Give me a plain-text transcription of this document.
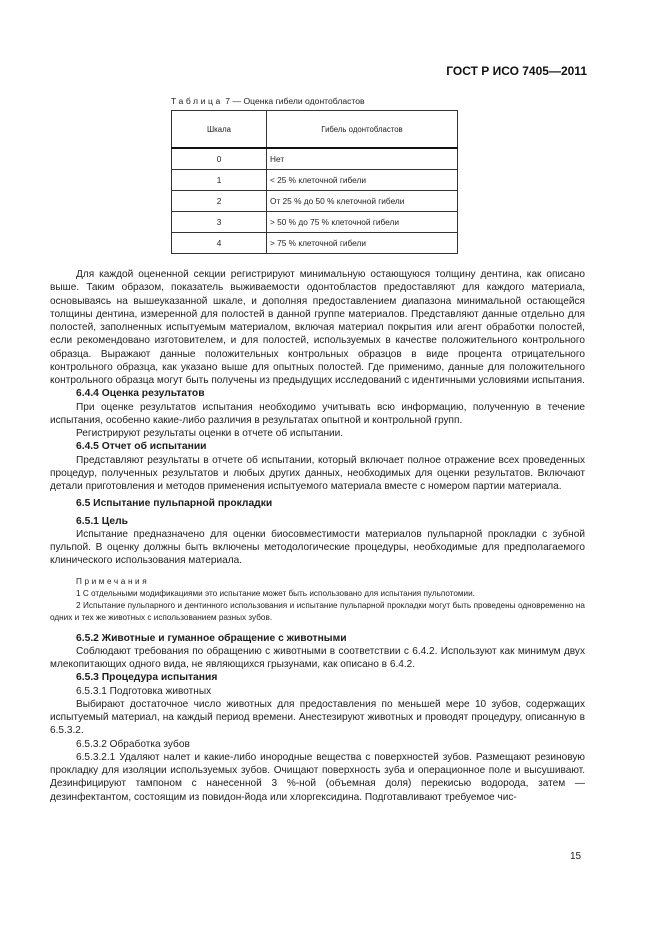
ГОСТ Р ИСО 7405—2011
Таблица 7 — Оценка гибели одонтобластов
Шкала	Гибель одонтобластов
0	Нет
1	< 25 % клеточной гибели
2	От 25 % до 50 % клеточной гибели
3	> 50 % до 75 % клеточной гибели
4	> 75 % клеточной гибели

Для каждой оцененной секции регистрируют минимальную остающуюся толщину дентина, как описано выше. Таким образом, показатель выживаемости одонтобластов предоставляют для каждого материала, основываясь на вышеуказанной шкале, и дополняя предоставлением диапазона минимальной остающейся толщины дентина, измеренной для полостей в данной группе материалов. Представляют данные отдельно для полостей, заполненных испытуемым материалом, включая материал покрытия или агент обработки полостей, если рекомендовано изготовителем, и для полостей, используемых в качестве положительного контрольного образца. Выражают данные положительных контрольных образцов в виде процента отрицательного контрольного образца, как указано выше для опытных полостей. Где применимо, данные для положительного контрольного образца могут быть получены из предыдущих исследований с идентичными условиями испытания.

6.4.4 Оценка результатов

При оценке результатов испытания необходимо учитывать всю информацию, полученную в течение испытания, особенно какие-либо различия в результатах опытной и контрольной групп.

Регистрируют результаты оценки в отчете об испытании.

6.4.5 Отчет об испытании

Представляют результаты в отчете об испытании, который включает полное отражение всех проведенных процедур, полученных результатов и любых других данных, необходимых для оценки результатов. Включают детали приготовления и методов применения испытуемого материала вместе с номером партии материала.

6.5 Испытание пульпарной прокладки

6.5.1 Цель

Испытание предназначено для оценки биосовместимости материалов пульпарной прокладки с зубной пульпой. В оценку должны быть включены методологические процедуры, необходимые для предполагаемого клинического использования материала.

Примечания

1 С отдельными модификациями это испытание может быть использовано для испытания пульпотомии.

2 Испытание пульпарного и дентинного использования и испытание пульпарной прокладки могут быть проведены одновременно на одних и тех же животных с использованием разных зубов.

6.5.2 Животные и гуманное обращение с животными

Соблюдают требования по обращению с животными в соответствии с 6.4.2. Используют как минимум двух млекопитающих одного вида, не являющихся грызунами, как описано в 6.4.2.

6.5.3 Процедура испытания

6.5.3.1 Подготовка животных

Выбирают достаточное число животных для предоставления по меньшей мере 10 зубов, содержащих испытуемый материал, на каждый период времени. Анестезируют животных и проводят процедуру, описанную в 6.5.3.2.

6.5.3.2 Обработка зубов

6.5.3.2.1 Удаляют налет и какие-либо инородные вещества с поверхностей зубов. Размещают резиновую прокладку для изоляции используемых зубов. Очищают поверхность зуба и операционное поле и высушивают. Дезинфицируют тампоном с нанесенной 3 %-ной (объемная доля) перекисью водорода, затем — дезинфектантом, состоящим из повидон-йода или хлоргексидина. Подготавливают требуемое чис-

15
